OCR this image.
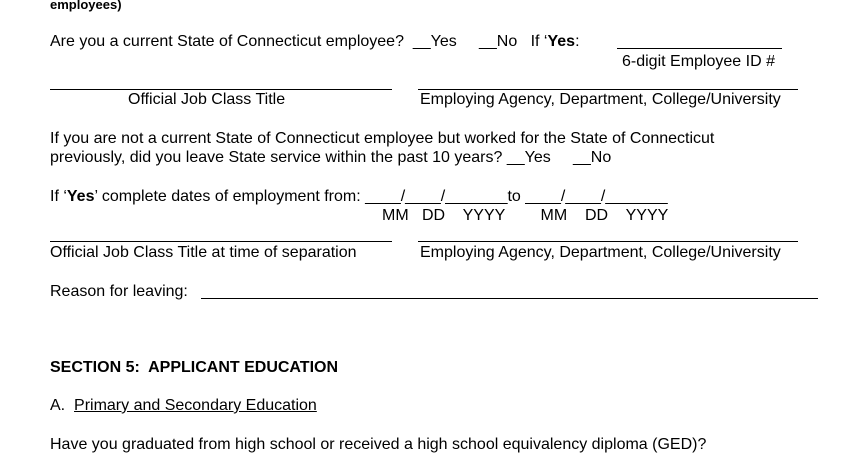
employees)
Are you a current State of Connecticut employee?  __Yes     __No   If ‘Yes:
6-digit Employee ID #
Official Job Class Title	Employing Agency, Department, College/University
If you are not a current State of Connecticut employee but worked for the State of Connecticut
previously, did you leave State service within the past 10 years? __Yes     __No
If ‘Yes’ complete dates of employment from: ____/____/_______to ____/____/_______
MM   DD    YYYY        MM    DD    YYYY
Official Job Class Title at time of separation	Employing Agency, Department, College/University
Reason for leaving:
SECTION 5:  APPLICANT EDUCATION
A.  Primary and Secondary Education
Have you graduated from high school or received a high school equivalency diploma (GED)?
